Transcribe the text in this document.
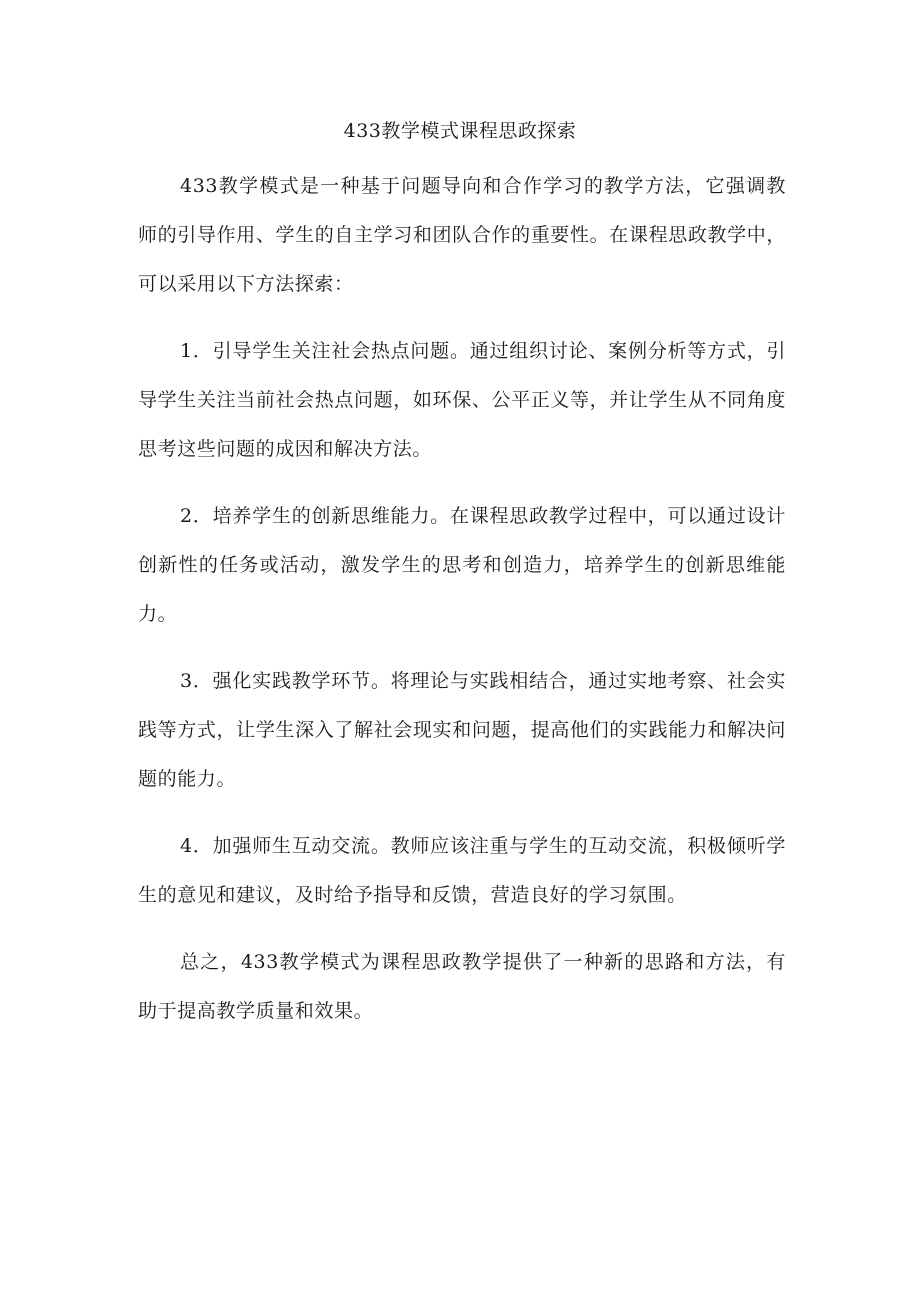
433教学模式课程思政探索

433教学模式是一种基于问题导向和合作学习的教学方法，它强调教师的引导作用、学生的自主学习和团队合作的重要性。在课程思政教学中，可以采用以下方法探索：

1．引导学生关注社会热点问题。通过组织讨论、案例分析等方式，引导学生关注当前社会热点问题，如环保、公平正义等，并让学生从不同角度思考这些问题的成因和解决方法。

2．培养学生的创新思维能力。在课程思政教学过程中，可以通过设计创新性的任务或活动，激发学生的思考和创造力，培养学生的创新思维能力。

3．强化实践教学环节。将理论与实践相结合，通过实地考察、社会实践等方式，让学生深入了解社会现实和问题，提高他们的实践能力和解决问题的能力。

4．加强师生互动交流。教师应该注重与学生的互动交流，积极倾听学生的意见和建议，及时给予指导和反馈，营造良好的学习氛围。

总之，433教学模式为课程思政教学提供了一种新的思路和方法，有助于提高教学质量和效果。
